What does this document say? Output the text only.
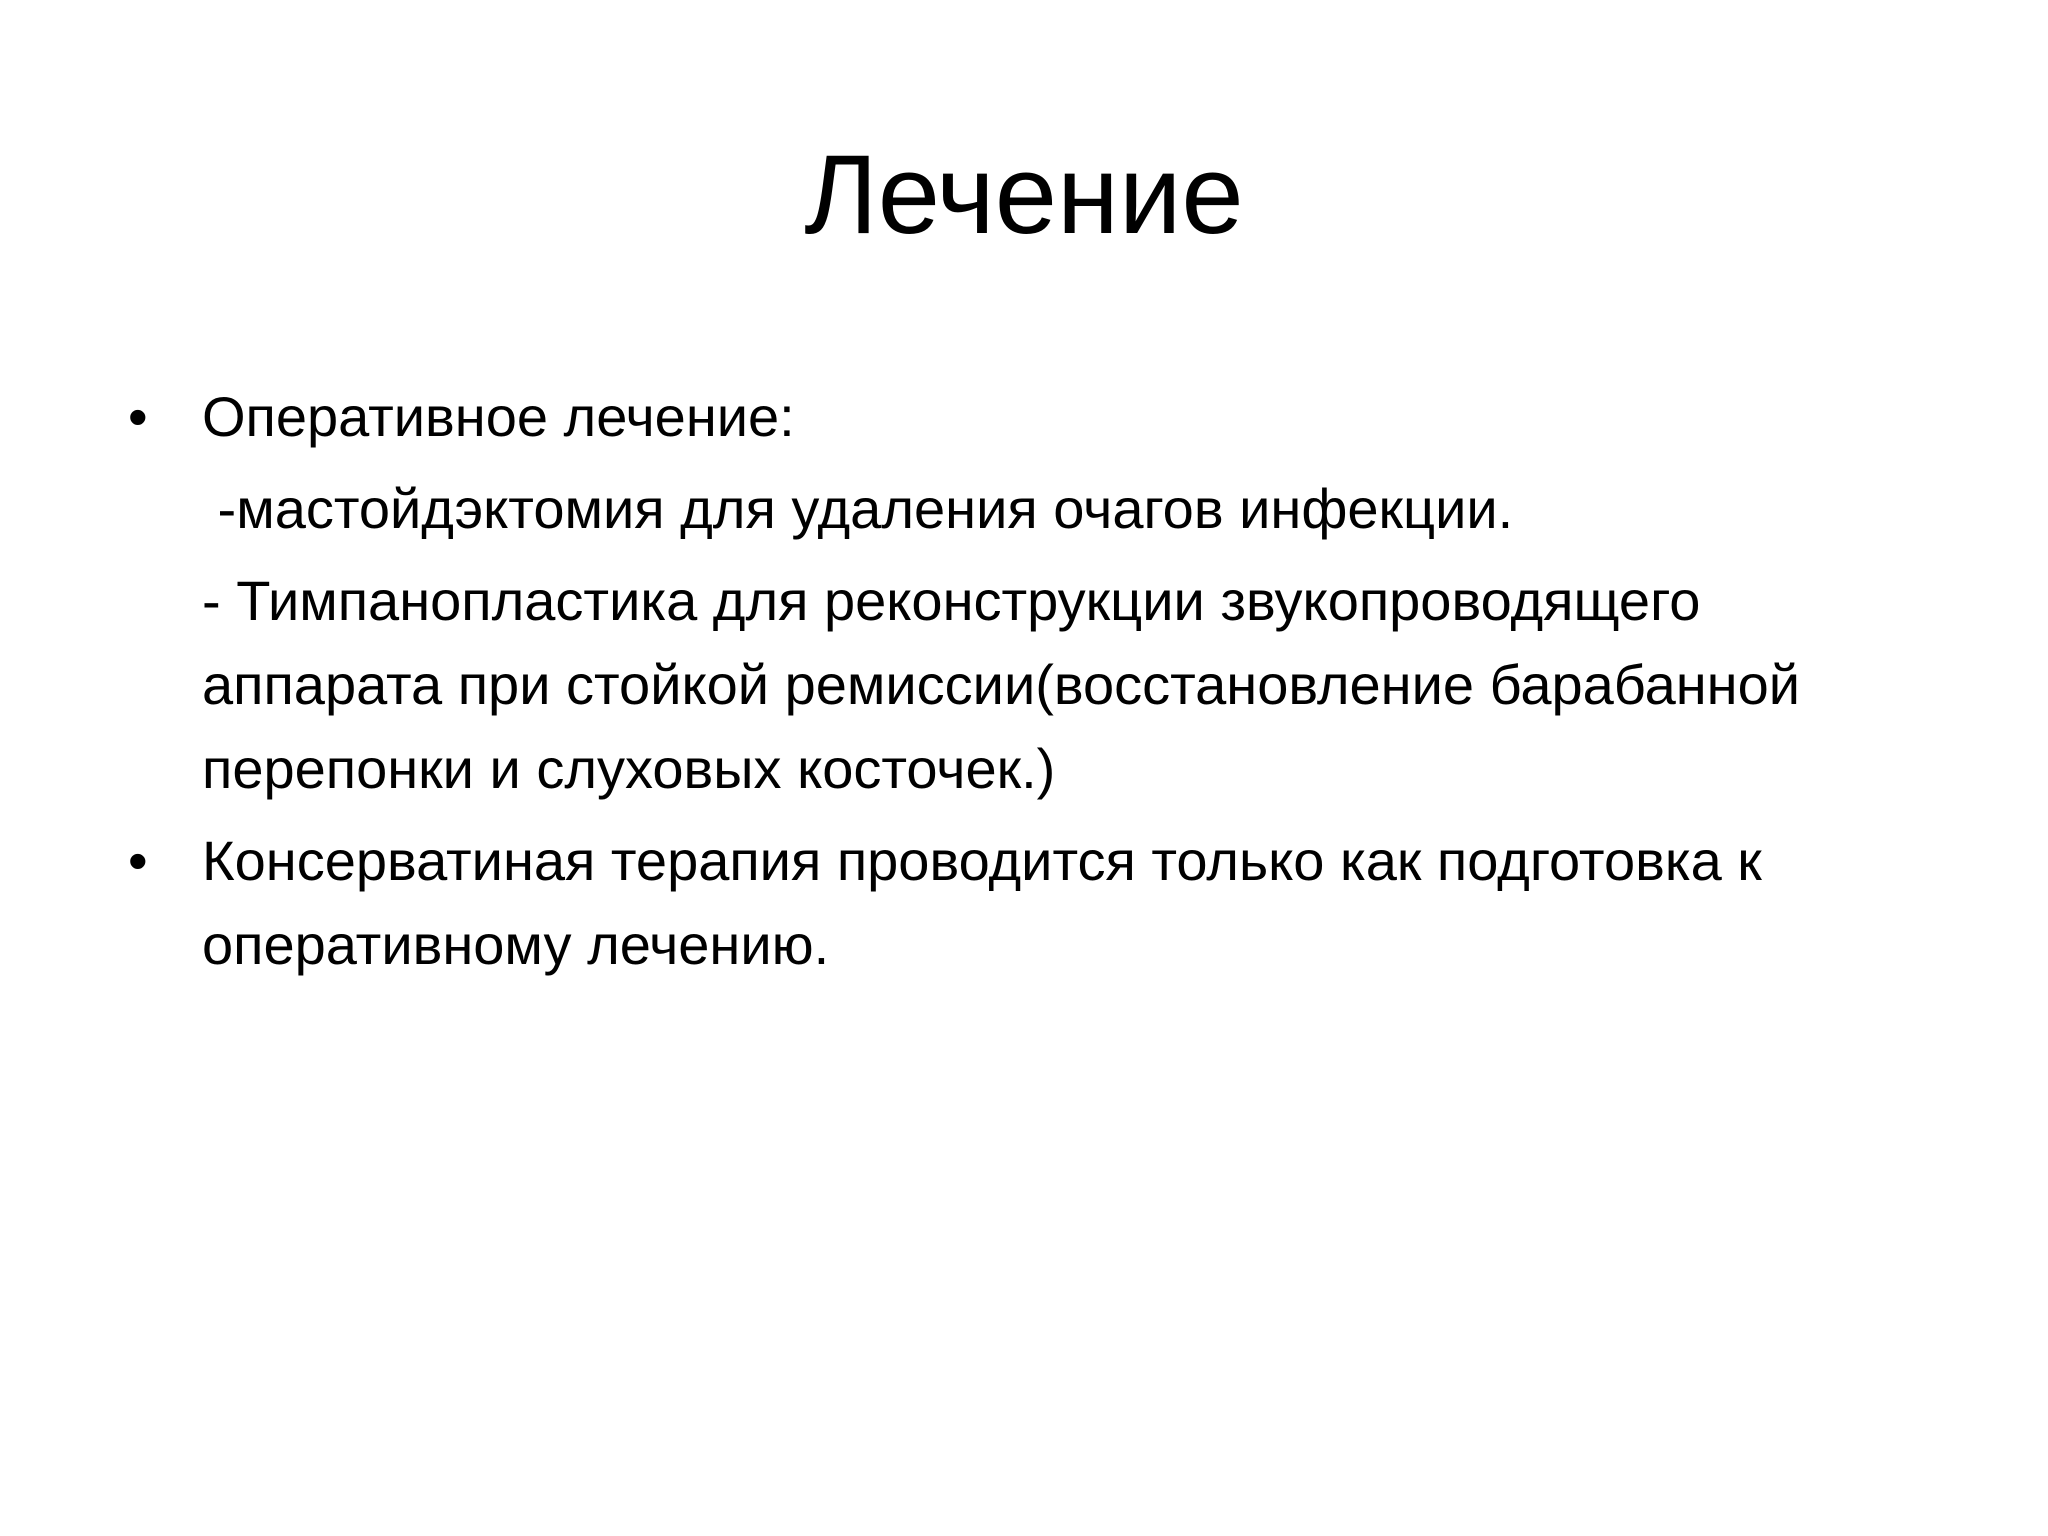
Лечение
• Оперативное лечение:
-мастойдэктомия для удаления очагов инфекции.
- Тимпанопластика для реконструкции звукопроводящего аппарата при стойкой ремиссии(восстановление барабанной перепонки и слуховых косточек.)
• Консерватиная терапия проводится только как подготовка к оперативному лечению.
